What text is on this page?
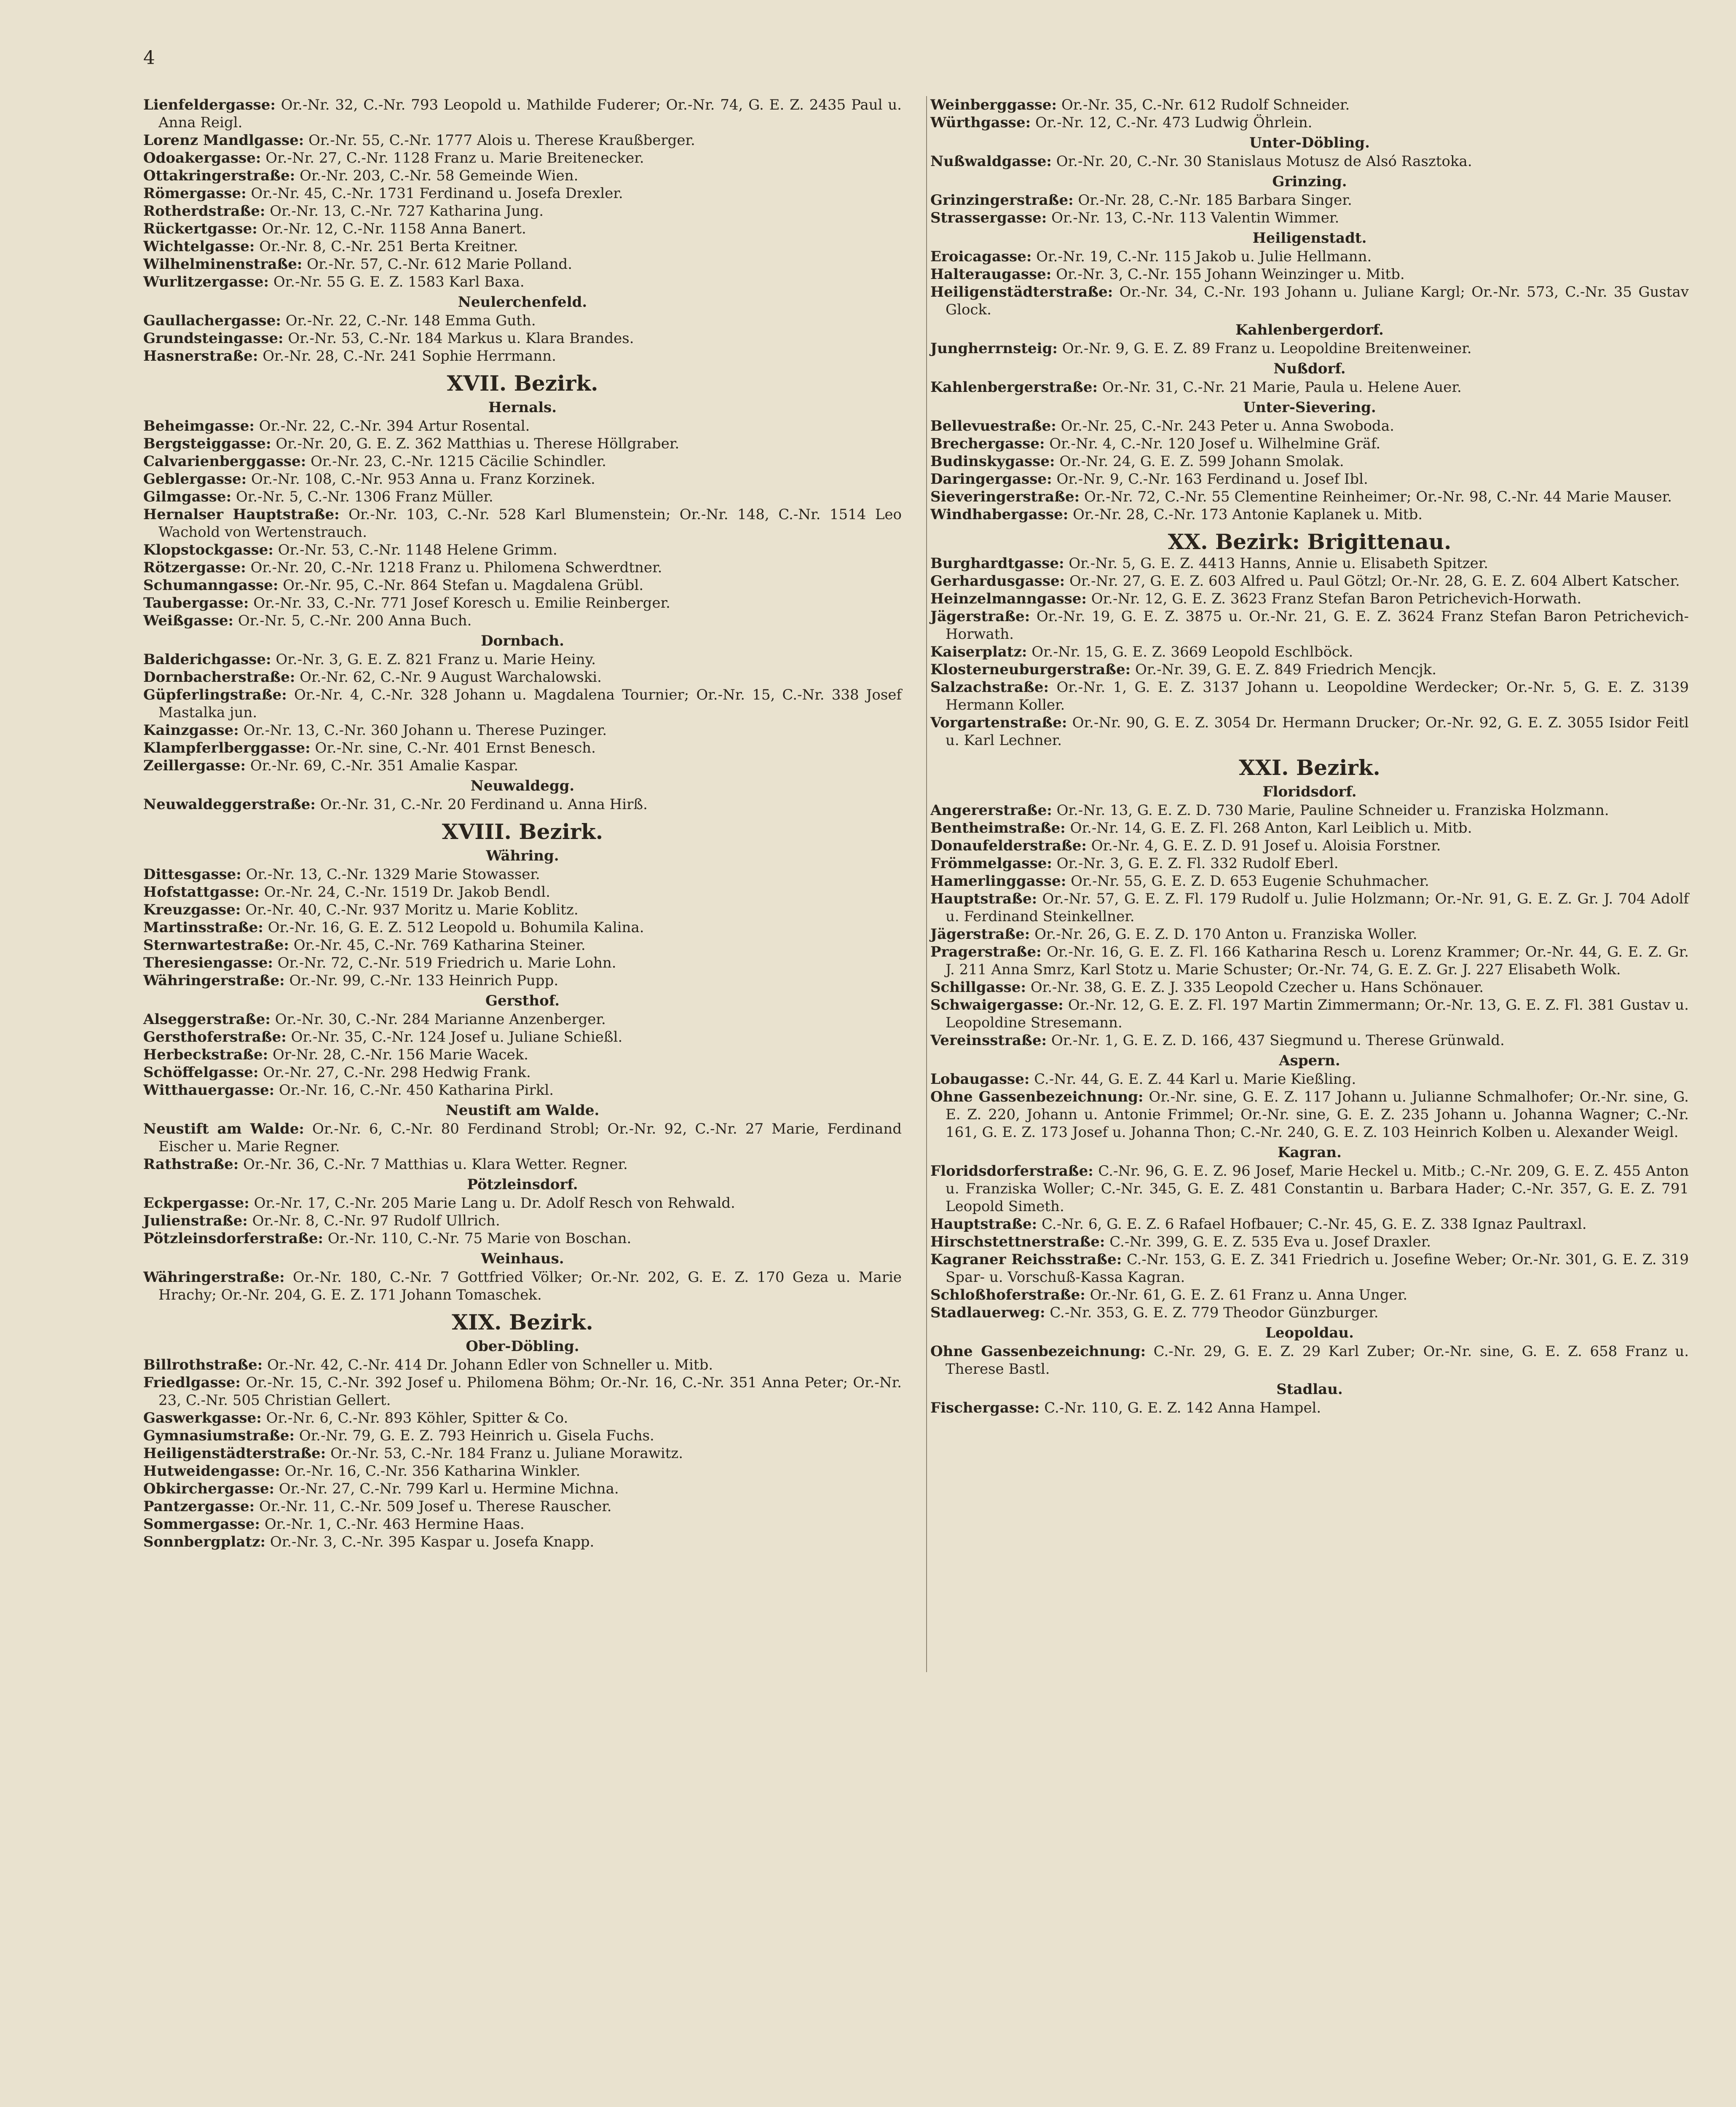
4

Lienfeldergasse: Or.-Nr. 32, C.-Nr. 793 Leopold u. Mathilde Fuderer; Or.-Nr. 74, G. E. Z. 2435 Paul u. Anna Reigl.

Lorenz Mandlgasse: Or.-Nr. 55, C.-Nr. 1777 Alois u. Therese Kraußberger.

Odoakergasse: Or.-Nr. 27, C.-Nr. 1128 Franz u. Marie Breitenecker.

Ottakringerstraße: Or.-Nr. 203, C.-Nr. 58 Gemeinde Wien.

Römergasse: Or.-Nr. 45, C.-Nr. 1731 Ferdinand u. Josefa Drexler.

Rotherdstraße: Or.-Nr. 13, C.-Nr. 727 Katharina Jung.

Rückertgasse: Or.-Nr. 12, C.-Nr. 1158 Anna Banert.

Wichtelgasse: Or.-Nr. 8, C.-Nr. 251 Berta Kreitner.

Wilhelminenstraße: Or.-Nr. 57, C.-Nr. 612 Marie Polland.

Wurlitzergasse: Or.-Nr. 55 G. E. Z. 1583 Karl Baxa.

Neulerchenfeld.

Gaullachergasse: Or.-Nr. 22, C.-Nr. 148 Emma Guth.

Grundsteingasse: Or.-Nr. 53, C.-Nr. 184 Markus u. Klara Brandes.

Hasnerstraße: Or.-Nr. 28, C.-Nr. 241 Sophie Herrmann.

XVII. Bezirk.
Hernals.

Beheimgasse: Or.-Nr. 22, C.-Nr. 394 Artur Rosental.

Bergsteiggasse: Or.-Nr. 20, G. E. Z. 362 Matthias u. Therese Höllgraber.

Calvarienberggasse: Or.-Nr. 23, C.-Nr. 1215 Cäcilie Schindler.

Geblergasse: Or.-Nr. 108, C.-Nr. 953 Anna u. Franz Korzinek.

Gilmgasse: Or.-Nr. 5, C.-Nr. 1306 Franz Müller.

Hernalser Hauptstraße: Or.-Nr. 103, C.-Nr. 528 Karl Blumenstein; Or.-Nr. 148, C.-Nr. 1514 Leo Wachold von Wertenstrauch.

Klopstockgasse: Or.-Nr. 53, C.-Nr. 1148 Helene Grimm.

Rötzergasse: Or.-Nr. 20, C.-Nr. 1218 Franz u. Philomena Schwerdtner.

Schumanngasse: Or.-Nr. 95, C.-Nr. 864 Stefan u. Magdalena Grübl.

Taubergasse: Or.-Nr. 33, C.-Nr. 771 Josef Koresch u. Emilie Reinberger.

Weißgasse: Or.-Nr. 5, C.-Nr. 200 Anna Buch.

Dornbach.

Balderichgasse: Or.-Nr. 3, G. E. Z. 821 Franz u. Marie Heiny.

Dornbacherstraße: Or.-Nr. 62, C.-Nr. 9 August Warchalowski.

Güpferlingstraße: Or.-Nr. 4, C.-Nr. 328 Johann u. Magdalena Tournier; Or.-Nr. 15, C.-Nr. 338 Josef Mastalka jun.

Kainzgasse: Or.-Nr. 13, C.-Nr. 360 Johann u. Therese Puzinger.

Klampferlberggasse: Or.-Nr. sine, C.-Nr. 401 Ernst Benesch.

Zeillergasse: Or.-Nr. 69, C.-Nr. 351 Amalie Kaspar.

Neuwaldegg.

Neuwaldeggerstraße: Or.-Nr. 31, C.-Nr. 20 Ferdinand u. Anna Hirß.

XVIII. Bezirk.
Währing.

Dittesgasse: Or.-Nr. 13, C.-Nr. 1329 Marie Stowasser.

Hofstattgasse: Or.-Nr. 24, C.-Nr. 1519 Dr. Jakob Bendl.

Kreuzgasse: Or.-Nr. 40, C.-Nr. 937 Moritz u. Marie Koblitz.

Martinsstraße: Or.-Nr. 16, G. E. Z. 512 Leopold u. Bohumila Kalina.

Sternwartestraße: Or.-Nr. 45, C.-Nr. 769 Katharina Steiner.

Theresiengasse: Or.-Nr. 72, C.-Nr. 519 Friedrich u. Marie Lohn.

Währingerstraße: Or.-Nr. 99, C.-Nr. 133 Heinrich Pupp.

Gersthof.

Alseggerstraße: Or.-Nr. 30, C.-Nr. 284 Marianne Anzenberger.

Gersthoferstraße: Or.-Nr. 35, C.-Nr. 124 Josef u. Juliane Schießl.

Herbeckstraße: Or-Nr. 28, C.-Nr. 156 Marie Wacek.

Schöffelgasse: Or.-Nr. 27, C.-Nr. 298 Hedwig Frank.

Witthauergasse: Or.-Nr. 16, C.-Nr. 450 Katharina Pirkl.

Neustift am Walde.

Neustift am Walde: Or.-Nr. 6, C.-Nr. 80 Ferdinand Strobl; Or.-Nr. 92, C.-Nr. 27 Marie, Ferdinand Eischer u. Marie Regner.

Rathstraße: Or.-Nr. 36, C.-Nr. 7 Matthias u. Klara Wetter. Regner.

Pötzleinsdorf.

Eckpergasse: Or.-Nr. 17, C.-Nr. 205 Marie Lang u. Dr. Adolf Resch von Rehwald.

Julienstraße: Or.-Nr. 8, C.-Nr. 97 Rudolf Ullrich.

Pötzleinsdorferstraße: Or.-Nr. 110, C.-Nr. 75 Marie von Boschan.

Weinhaus.

Währingerstraße: Or.-Nr. 180, C.-Nr. 7 Gottfried Völker; Or.-Nr. 202, G. E. Z. 170 Geza u. Marie Hrachy; Or.-Nr. 204, G. E. Z. 171 Johann Tomaschek.

XIX. Bezirk.
Ober-Döbling.

Billrothstraße: Or.-Nr. 42, C.-Nr. 414 Dr. Johann Edler von Schneller u. Mitb.

Friedlgasse: Or.-Nr. 15, C.-Nr. 392 Josef u. Philomena Böhm; Or.-Nr. 16, C.-Nr. 351 Anna Peter; Or.-Nr. 23, C.-Nr. 505 Christian Gellert.

Gaswerkgasse: Or.-Nr. 6, C.-Nr. 893 Köhler, Spitter & Co.

Gymnasiumstraße: Or.-Nr. 79, G. E. Z. 793 Heinrich u. Gisela Fuchs.

Heiligenstädterstraße: Or.-Nr. 53, C.-Nr. 184 Franz u. Juliane Morawitz.

Hutweidengasse: Or.-Nr. 16, C.-Nr. 356 Katharina Winkler.

Obkirchergasse: Or.-Nr. 27, C.-Nr. 799 Karl u. Hermine Michna.

Pantzergasse: Or.-Nr. 11, C.-Nr. 509 Josef u. Therese Rauscher.

Sommergasse: Or.-Nr. 1, C.-Nr. 463 Hermine Haas.

Sonnbergplatz: Or.-Nr. 3, C.-Nr. 395 Kaspar u. Josefa Knapp.

Weinberggasse: Or.-Nr. 35, C.-Nr. 612 Rudolf Schneider.

Würthgasse: Or.-Nr. 12, C.-Nr. 473 Ludwig Öhrlein.

Unter-Döbling.

Nußwaldgasse: Or.-Nr. 20, C.-Nr. 30 Stanislaus Motusz de Alsó Rasztoka.

Grinzing.

Grinzingerstraße: Or.-Nr. 28, C.-Nr. 185 Barbara Singer.

Strassergasse: Or.-Nr. 13, C.-Nr. 113 Valentin Wimmer.

Heiligenstadt.

Eroicagasse: Or.-Nr. 19, C.-Nr. 115 Jakob u. Julie Hellmann.

Halteraugasse: Or.-Nr. 3, C.-Nr. 155 Johann Weinzinger u. Mitb.

Heiligenstädterstraße: Or.-Nr. 34, C.-Nr. 193 Johann u. Juliane Kargl; Or.-Nr. 573, C.-Nr. 35 Gustav Glock.

Kahlenbergerdorf.

Jungherrnsteig: Or.-Nr. 9, G. E. Z. 89 Franz u. Leopoldine Breitenweiner.

Nußdorf.

Kahlenbergerstraße: Or.-Nr. 31, C.-Nr. 21 Marie, Paula u. Helene Auer.

Unter-Sievering.

Bellevuestraße: Or.-Nr. 25, C.-Nr. 243 Peter u. Anna Swoboda.

Brechergasse: Or.-Nr. 4, C.-Nr. 120 Josef u. Wilhelmine Gräf.

Budinskygasse: Or.-Nr. 24, G. E. Z. 599 Johann Smolak.

Daringergasse: Or.-Nr. 9, C.-Nr. 163 Ferdinand u. Josef Ibl.

Sieveringerstraße: Or.-Nr. 72, C.-Nr. 55 Clementine Reinheimer; Or.-Nr. 98, C.-Nr. 44 Marie Mauser.

Windhabergasse: Or.-Nr. 28, C.-Nr. 173 Antonie Kaplanek u. Mitb.

XX. Bezirk: Brigittenau.

Burghardtgasse: Or.-Nr. 5, G. E. Z. 4413 Hanns, Annie u. Elisabeth Spitzer.

Gerhardusgasse: Or.-Nr. 27, G. E. Z. 603 Alfred u. Paul Götzl; Or.-Nr. 28, G. E. Z. 604 Albert Katscher.

Heinzelmanngasse: Or.-Nr. 12, G. E. Z. 3623 Franz Stefan Baron Petrichevich-Horwath.

Jägerstraße: Or.-Nr. 19, G. E. Z. 3875 u. Or.-Nr. 21, G. E. Z. 3624 Franz Stefan Baron Petrichevich-Horwath.

Kaiserplatz: Or.-Nr. 15, G. E. Z. 3669 Leopold Eschlböck.

Klosterneuburgerstraße: Or.-Nr. 39, G. E. Z. 849 Friedrich Mencjk.

Salzachstraße: Or.-Nr. 1, G. E. Z. 3137 Johann u. Leopoldine Werdecker; Or.-Nr. 5, G. E. Z. 3139 Hermann Koller.

Vorgartenstraße: Or.-Nr. 90, G. E. Z. 3054 Dr. Hermann Drucker; Or.-Nr. 92, G. E. Z. 3055 Isidor Feitl u. Karl Lechner.

XXI. Bezirk.
Floridsdorf.

Angererstraße: Or.-Nr. 13, G. E. Z. D. 730 Marie, Pauline Schneider u. Franziska Holzmann.

Bentheimstraße: Or.-Nr. 14, G. E. Z. Fl. 268 Anton, Karl Leiblich u. Mitb.

Donaufelderstraße: Or.-Nr. 4, G. E. Z. D. 91 Josef u. Aloisia Forstner.

Frömmelgasse: Or.-Nr. 3, G. E. Z. Fl. 332 Rudolf Eberl.

Hamerlinggasse: Or.-Nr. 55, G. E. Z. D. 653 Eugenie Schuhmacher.

Hauptstraße: Or.-Nr. 57, G. E. Z. Fl. 179 Rudolf u. Julie Holzmann; Or.-Nr. 91, G. E. Z. Gr. J. 704 Adolf u. Ferdinand Steinkellner.

Jägerstraße: Or.-Nr. 26, G. E. Z. D. 170 Anton u. Franziska Woller.

Pragerstraße: Or.-Nr. 16, G. E. Z. Fl. 166 Katharina Resch u. Lorenz Krammer; Or.-Nr. 44, G. E. Z. Gr. J. 211 Anna Smrz, Karl Stotz u. Marie Schuster; Or.-Nr. 74, G. E. Z. Gr. J. 227 Elisabeth Wolk.

Schillgasse: Or.-Nr. 38, G. E. Z. J. 335 Leopold Czecher u. Hans Schönauer.

Schwaigergasse: Or.-Nr. 12, G. E. Z. Fl. 197 Martin Zimmermann; Or.-Nr. 13, G. E. Z. Fl. 381 Gustav u. Leopoldine Stresemann.

Vereinsstraße: Or.-Nr. 1, G. E. Z. D. 166, 437 Siegmund u. Therese Grünwald.

Aspern.

Lobaugasse: C.-Nr. 44, G. E. Z. 44 Karl u. Marie Kießling.

Ohne Gassenbezeichnung: Or.-Nr. sine, G. E. Z. 117 Johann u. Julianne Schmalhofer; Or.-Nr. sine, G. E. Z. 220, Johann u. Antonie Frimmel; Or.-Nr. sine, G. E. Z. 235 Johann u. Johanna Wagner; C.-Nr. 161, G. E. Z. 173 Josef u. Johanna Thon; C.-Nr. 240, G. E. Z. 103 Heinrich Kolben u. Alexander Weigl.

Kagran.

Floridsdorferstraße: C.-Nr. 96, G. E. Z. 96 Josef, Marie Heckel u. Mitb.; C.-Nr. 209, G. E. Z. 455 Anton u. Franziska Woller; C.-Nr. 345, G. E. Z. 481 Constantin u. Barbara Hader; C.-Nr. 357, G. E. Z. 791 Leopold Simeth.

Hauptstraße: C.-Nr. 6, G. E. Z. 6 Rafael Hofbauer; C.-Nr. 45, G. E. Z. 338 Ignaz Paultraxl.

Hirschstettnerstraße: C.-Nr. 399, G. E. Z. 535 Eva u. Josef Draxler.

Kagraner Reichsstraße: C.-Nr. 153, G. E. Z. 341 Friedrich u. Josefine Weber; Or.-Nr. 301, G. E. Z. 319 Spar- u. Vorschuß-Kassa Kagran.

Schloßhoferstraße: Or.-Nr. 61, G. E. Z. 61 Franz u. Anna Unger.

Stadlauerweg: C.-Nr. 353, G. E. Z. 779 Theodor Günzburger.

Leopoldau.

Ohne Gassenbezeichnung: C.-Nr. 29, G. E. Z. 29 Karl Zuber; Or.-Nr. sine, G. E. Z. 658 Franz u. Therese Bastl.

Stadlau.

Fischergasse: C.-Nr. 110, G. E. Z. 142 Anna Hampel.
